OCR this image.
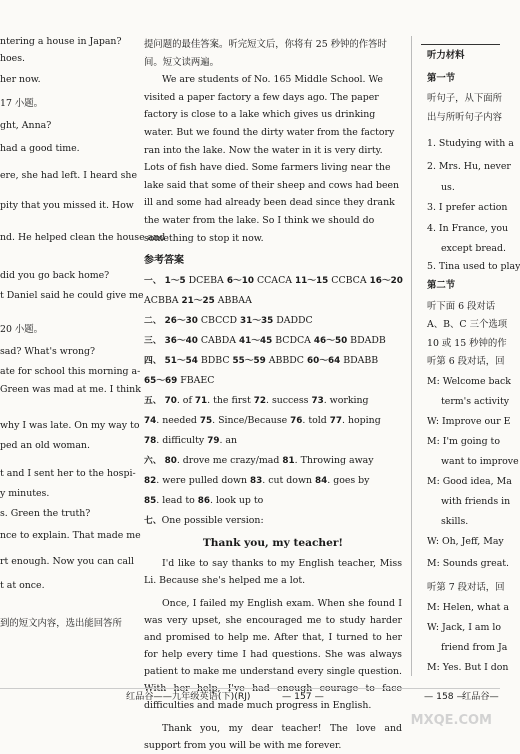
ntering a house in Japan?
hoes.
her now.
17 小题。
ght, Anna?
had a good time.
ere, she had left. I heard she
pity that you missed it. How
nd. He helped clean the house and
did you go back home?
t Daniel said he could give me
20 小题。
sad? What's wrong?
ate for school this morning a-
Green was mad at me. I think
why I was late. On my way to
ped an old woman.
t and I sent her to the hospi-
y minutes.
s. Green the truth?
nce to explain. That made me
rt enough. Now you can call
t at once.
到的短文内容，选出能回答所

提问题的最佳答案。听完短文后，你将有 25 秒钟的作答时间。短文读两遍。

We are students of No. 165 Middle School. We visited a paper factory a few days ago. The paper factory is close to a lake which gives us drinking water. But we found the dirty water from the factory ran into the lake. Now the water in it is very dirty. Lots of fish have died. Some farmers living near the lake said that some of their sheep and cows had been ill and some had already been dead since they drank the water from the lake. So I think we should do something to stop it now.

参考答案

一、 1～5 DCEBA 6～10 CCACA 11～15 CCBCA 16～20

ACBBA 21～25 ABBAA

二、 26～30 CBCCD 31～35 DADDC

三、 36～40 CABDA 41～45 BCDCA 46～50 BDADB

四、 51～54 BDBC 55～59 ABBDC 60～64 BDABB

65～69 FBAEC

五、 70. of 71. the first 72. success 73. working

74. needed 75. Since/Because 76. told 77. hoping

78. difficulty 79. an

六、 80. drove me crazy/mad 81. Throwing away

82. were pulled down 83. cut down 84. goes by

85. lead to 86. look up to

七、One possible version:

Thank you, my teacher!

I'd like to say thanks to my English teacher, Miss Li. Because she's helped me a lot.

Once, I failed my English exam. When she found I was very upset, she encouraged me to study harder and promised to help me. After that, I turned to her for help every time I had questions. She was always patient to make me understand every single question. difficulties and made much progress in English.

Thank you, my dear teacher! The love and support from you will be with me forever.

听力材料
第一节
听句子，从下面所
出与所听句子内容
1. Studying with a
2. Mrs. Hu, never
us.
3. I prefer action
4. In France, you
except bread.
5. Tina used to play
第二节
听下面 6 段对话
A、B、C 三个选项
10 或 15 秒钟的作
听第 6 段对话，回
M: Welcome back
term's activity
W: Improve our E
M: I'm going to
want to improve
M: Good idea, Ma
with friends in
skills.
W: Oh, Jeff, May
M: Sounds great.
听第 7 段对话，回
M: Helen, what a
W: Jack, I am lo
friend from Ja
M: Yes. But I don
红品谷——九年级英语(下)(RJ)	— 157 —	— 158 —
红品谷—
MXQE.COM
